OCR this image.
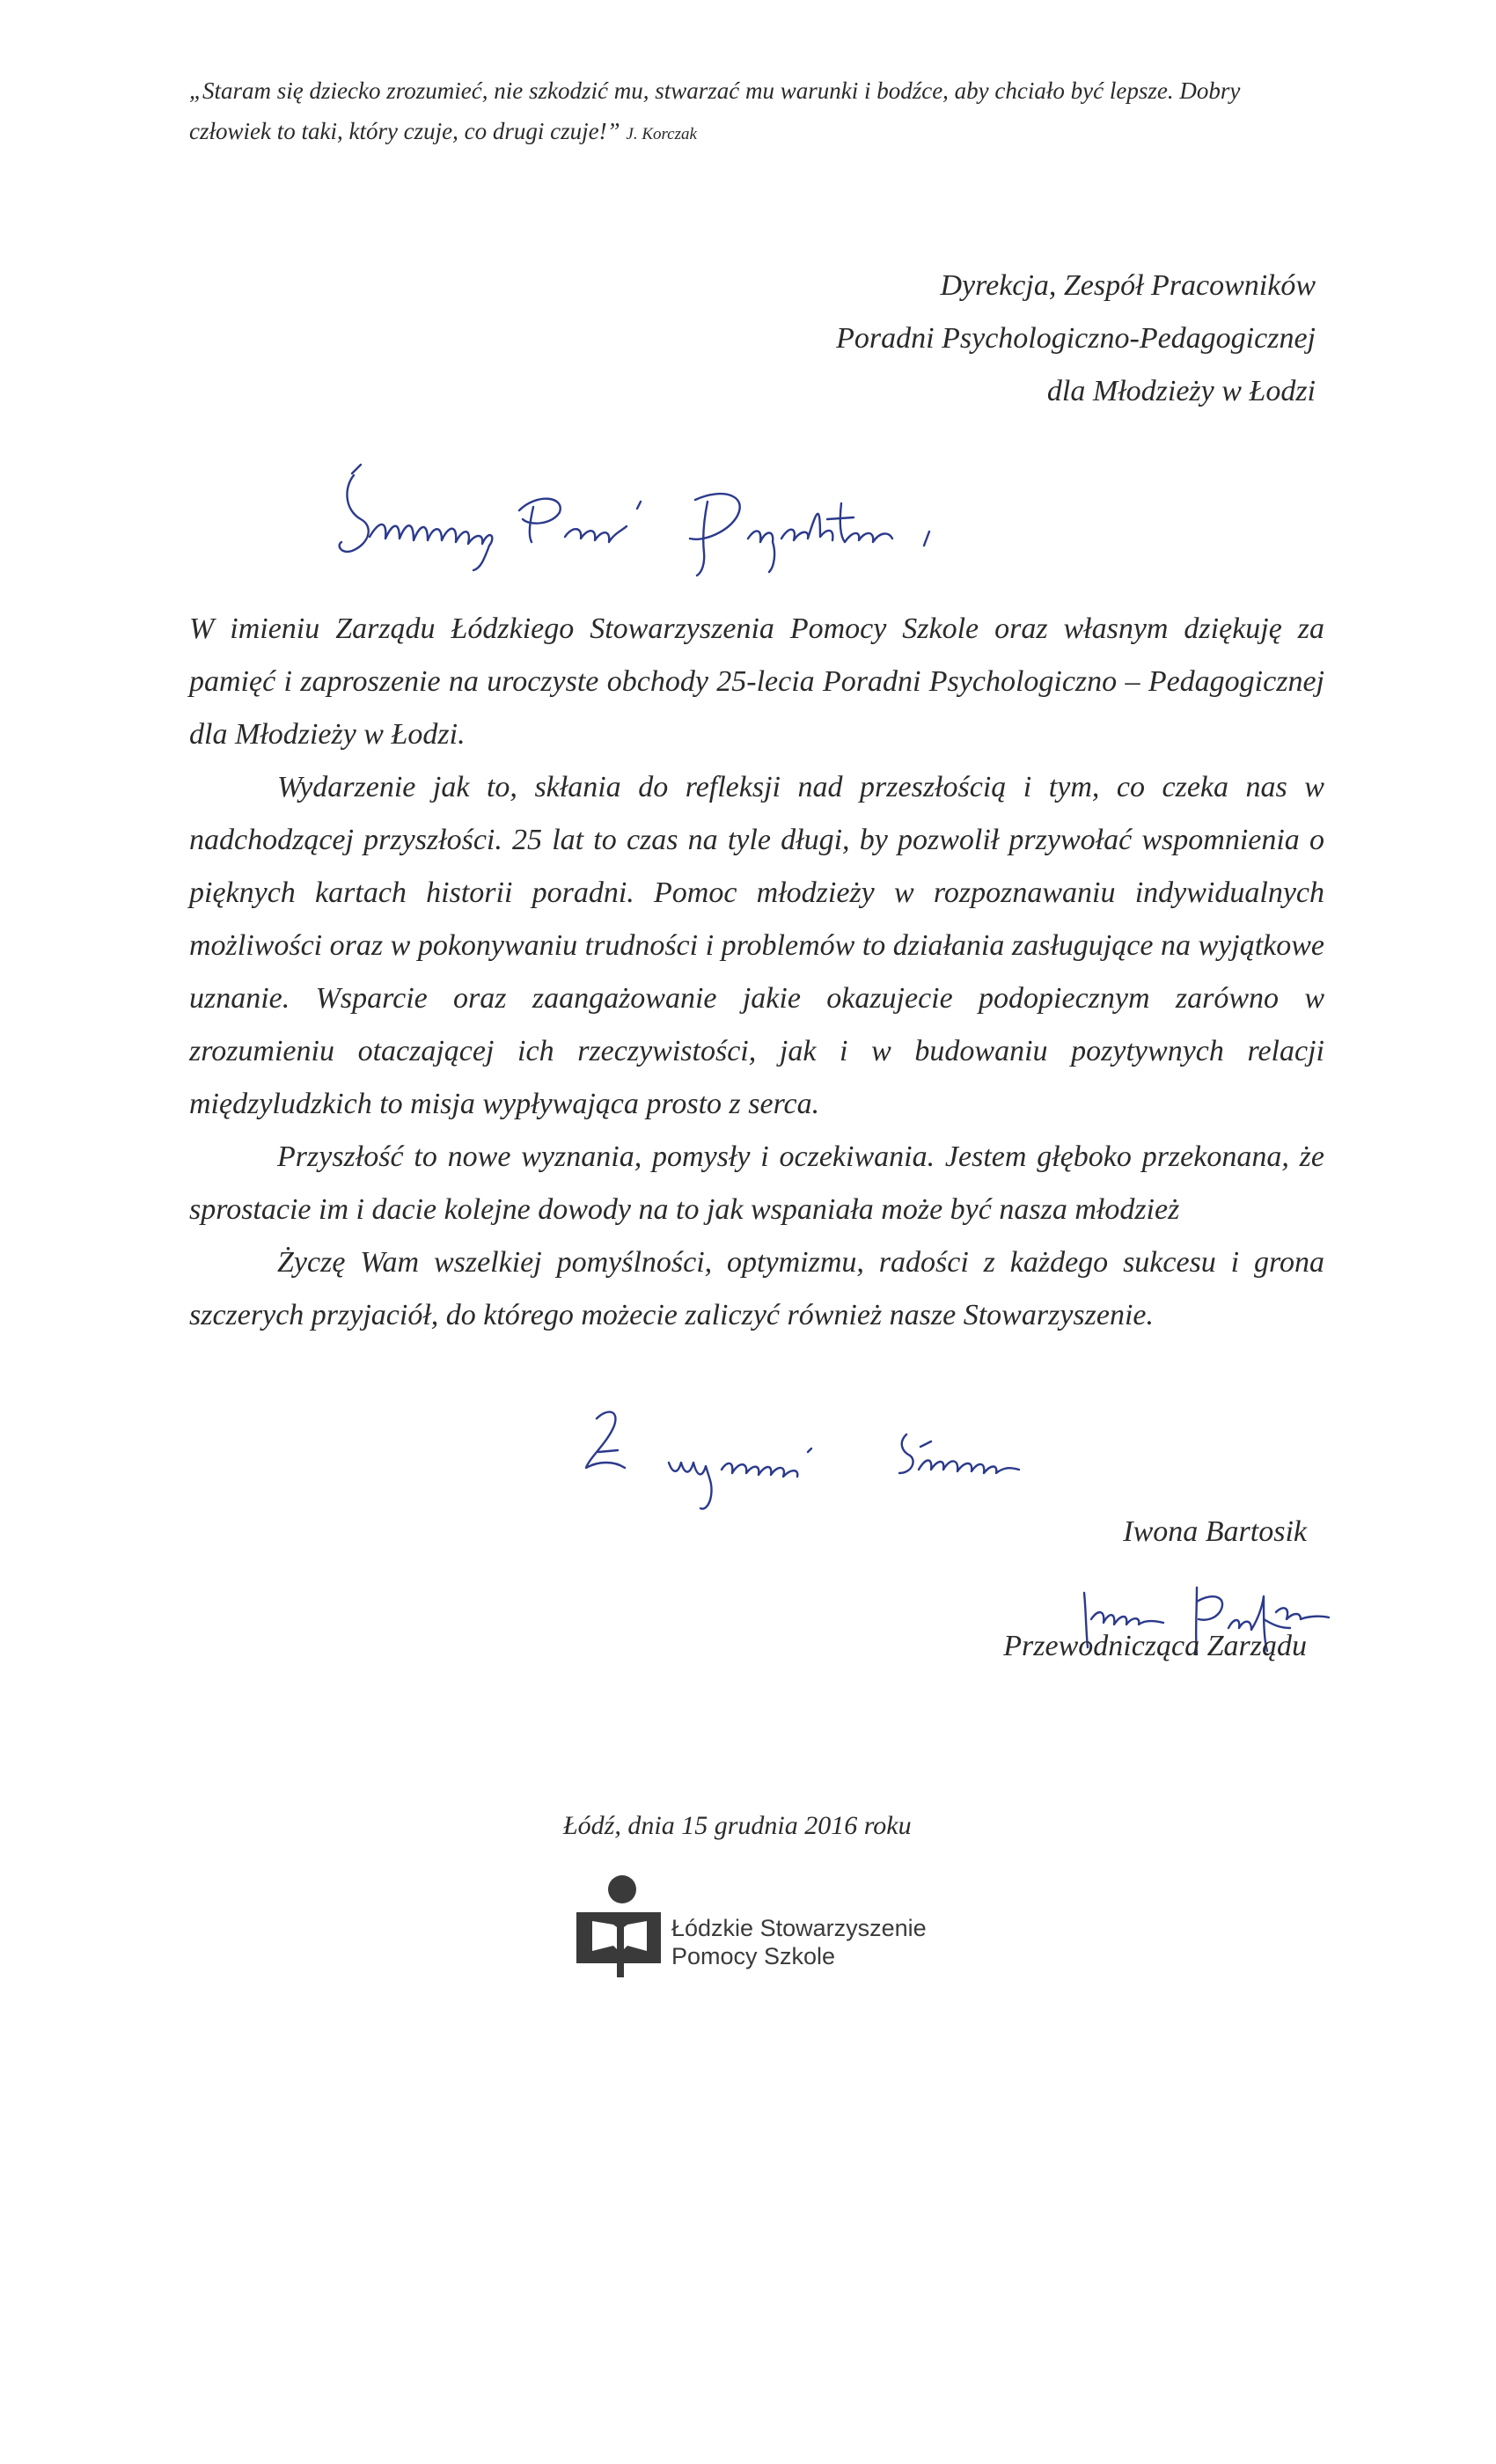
„Staram się dziecko zrozumieć, nie szkodzić mu, stwarzać mu warunki i bodźce, aby chciało być lepsze. Dobry człowiek to taki, który czuje, co drugi czuje!” J. Korczak
Dyrekcja, Zespół Pracowników
Poradni Psychologiczno-Pedagogicznej
dla Młodzieży w Łodzi

W imieniu Zarządu Łódzkiego Stowarzyszenia Pomocy Szkole oraz własnym dziękuję za pamięć i zaproszenie na uroczyste obchody 25-lecia Poradni Psychologiczno – Pedagogicznej dla Młodzieży w Łodzi.

Wydarzenie jak to, skłania do refleksji nad przeszłością i tym, co czeka nas w nadchodzącej przyszłości. 25 lat to czas na tyle długi, by pozwolił przywołać wspomnienia o pięknych kartach historii poradni. Pomoc młodzieży w rozpoznawaniu indywidualnych możliwości oraz w pokonywaniu trudności i problemów to działania zasługujące na wyjątkowe uznanie. Wsparcie oraz zaangażowanie jakie okazujecie podopiecznym zarówno w zrozumieniu otaczającej ich rzeczywistości, jak i w budowaniu pozytywnych relacji międzyludzkich to misja wypływająca prosto z serca.

Przyszłość to nowe wyznania, pomysły i oczekiwania. Jestem głęboko przekonana, że sprostacie im i dacie kolejne dowody na to jak wspaniała może być nasza młodzież

Życzę Wam wszelkiej pomyślności, optymizmu, radości z każdego sukcesu i grona szczerych przyjaciół, do którego możecie zaliczyć również nasze Stowarzyszenie.

Iwona Bartosik
Przewodnicząca Zarządu
Łódź, dnia 15 grudnia 2016 roku
Łódzkie Stowarzyszenie
Pomocy Szkole
